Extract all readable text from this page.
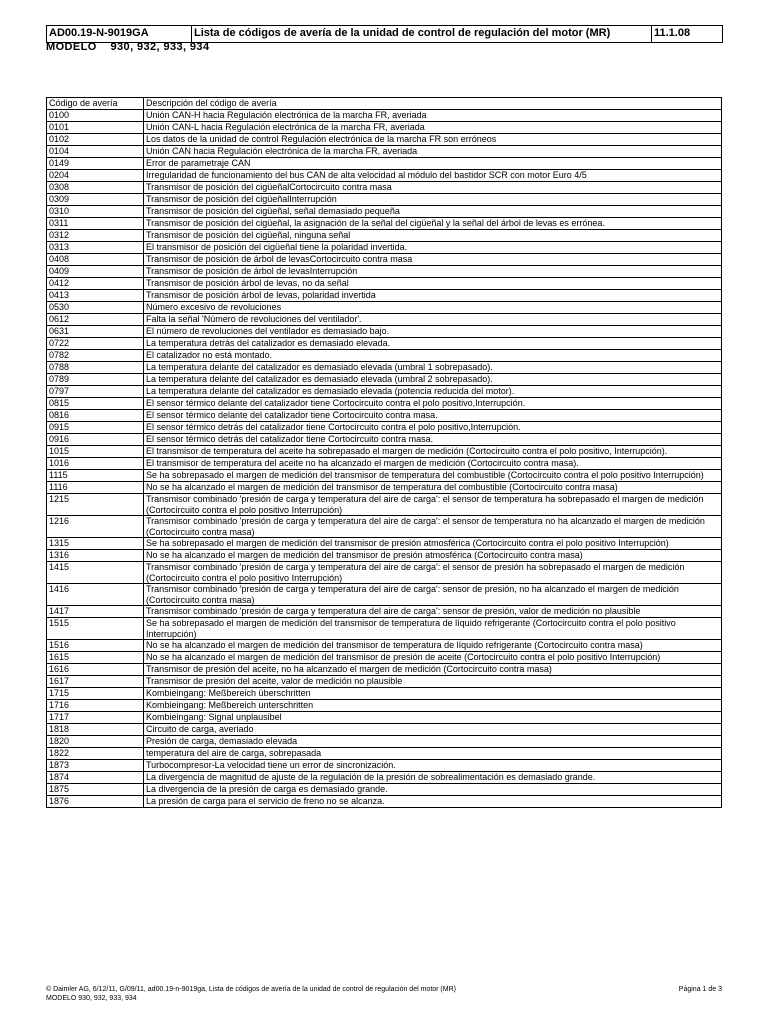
AD00.19-N-9019GA	Lista de códigos de avería de la unidad de control de regulación del motor (MR)	11.1.08
MODELO 930, 932, 933, 934
Código de avería	Descripción del código de avería
0100	Unión CAN-H hacia Regulación electrónica de la marcha FR, averiada
0101	Unión CAN-L hacia Regulación electrónica de la marcha FR, averiada
0102	Los datos de la unidad de control Regulación electrónica de la marcha FR son erróneos
0104	Unión CAN hacia Regulación electrónica de la marcha FR, averiada
0149	Error de parametraje CAN
0204	Irregularidad de funcionamiento del bus CAN de alta velocidad al módulo del bastidor SCR con motor Euro 4/5
0308	Transmisor de posición del cigüeñalCortocircuito contra masa
0309	Transmisor de posición del cigüeñalInterrupción
0310	Transmisor de posición del cigüeñal, señal demasiado pequeña
0311	Transmisor de posición del cigüeñal, la asignación de la señal del cigüeñal y la señal del árbol de levas es errónea.
0312	Transmisor de posición del cigüeñal, ninguna señal
0313	El transmisor de posición del cigüeñal tiene la polaridad invertida.
0408	Transmisor de posición de árbol de levasCortocircuito contra masa
0409	Transmisor de posición de árbol de levasInterrupción
0412	Transmisor de posición árbol de levas, no da señal
0413	Transmisor de posición árbol de levas, polaridad invertida
0530	Número excesivo de revoluciones
0612	Falta la señal 'Número de revoluciones del ventilador'.
0631	El número de revoluciones del ventilador es demasiado bajo.
0722	La temperatura detrás del catalizador es demasiado elevada.
0782	El catalizador no está montado.
0788	La temperatura delante del catalizador es demasiado elevada (umbral 1 sobrepasado).
0789	La temperatura delante del catalizador es demasiado elevada (umbral 2 sobrepasado).
0797	La temperatura delante del catalizador es demasiado elevada (potencia reducida del motor).
0815	El sensor térmico delante del catalizador tiene Cortocircuito contra el polo positivo,Interrupción.
0816	El sensor térmico delante del catalizador tiene Cortocircuito contra masa.
0915	El sensor térmico detrás del catalizador tiene Cortocircuito contra el polo positivo,Interrupción.
0916	El sensor térmico detrás del catalizador tiene Cortocircuito contra masa.
1015	El transmisor de temperatura del aceite ha sobrepasado el margen de medición (Cortocircuito contra el polo positivo, Interrupción).
1016	El transmisor de temperatura del aceite no ha alcanzado el margen de medición (Cortocircuito contra masa).
1115	Se ha sobrepasado el margen de medición del transmisor de temperatura del combustible (Cortocircuito contra el polo positivo Interrupción)
1116	No se ha alcanzado el margen de medición del transmisor de temperatura del combustible (Cortocircuito contra masa)
1215	Transmisor combinado 'presión de carga y temperatura del aire de carga': el sensor de temperatura ha sobrepasado el margen de medición (Cortocircuito contra el polo positivo Interrupción)
1216	Transmisor combinado 'presión de carga y temperatura del aire de carga': el sensor de temperatura no ha alcanzado el margen de medición (Cortocircuito contra masa)
1315	Se ha sobrepasado el margen de medición del transmisor de presión atmosférica (Cortocircuito contra el polo positivo Interrupción)
1316	No se ha alcanzado el margen de medición del transmisor de presión atmosférica (Cortocircuito contra masa)
1415	Transmisor combinado 'presión de carga y temperatura del aire de carga': el sensor de presión ha sobrepasado el margen de medición (Cortocircuito contra el polo positivo Interrupción)
1416	Transmisor combinado 'presión de carga y temperatura del aire de carga': sensor de presión, no ha alcanzado el margen de medición (Cortocircuito contra masa)
1417	Transmisor combinado 'presión de carga y temperatura del aire de carga': sensor de presión, valor de medición no plausible
1515	Se ha sobrepasado el margen de medición del transmisor de temperatura de líquido refrigerante (Cortocircuito contra el polo positivo Interrupción)
1516	No se ha alcanzado el margen de medición del transmisor de temperatura de líquido refrigerante (Cortocircuito contra masa)
1615	No se ha alcanzado el margen de medición del transmisor de presión de aceite (Cortocircuito contra el polo positivo Interrupción)
1616	Transmisor de presión del aceite, no ha alcanzado el margen de medición (Cortocircuito contra masa)
1617	Transmisor de presión del aceite, valor de medición no plausible
1715	Kombieingang: Meßbereich überschritten
1716	Kombieingang: Meßbereich unterschritten
1717	Kombieingang: Signal unplausibel
1818	Circuito de carga, averiado
1820	Presión de carga, demasiado elevada
1822	temperatura del aire de carga, sobrepasada
1873	Turbocompresor-La velocidad tiene un error de sincronización.
1874	La divergencia de magnitud de ajuste de la regulación de la presión de sobrealimentación es demasiado grande.
1875	La divergencia de la presión de carga es demasiado grande.
1876	La presión de carga para el servicio de freno no se alcanza.
© Daimler AG, 6/12/11, G/09/11, ad00.19-n-9019ga, Lista de códigos de avería de la unidad de control de regulación del motor (MR)
MODELO 930, 932, 933, 934
Página 1 de 3
